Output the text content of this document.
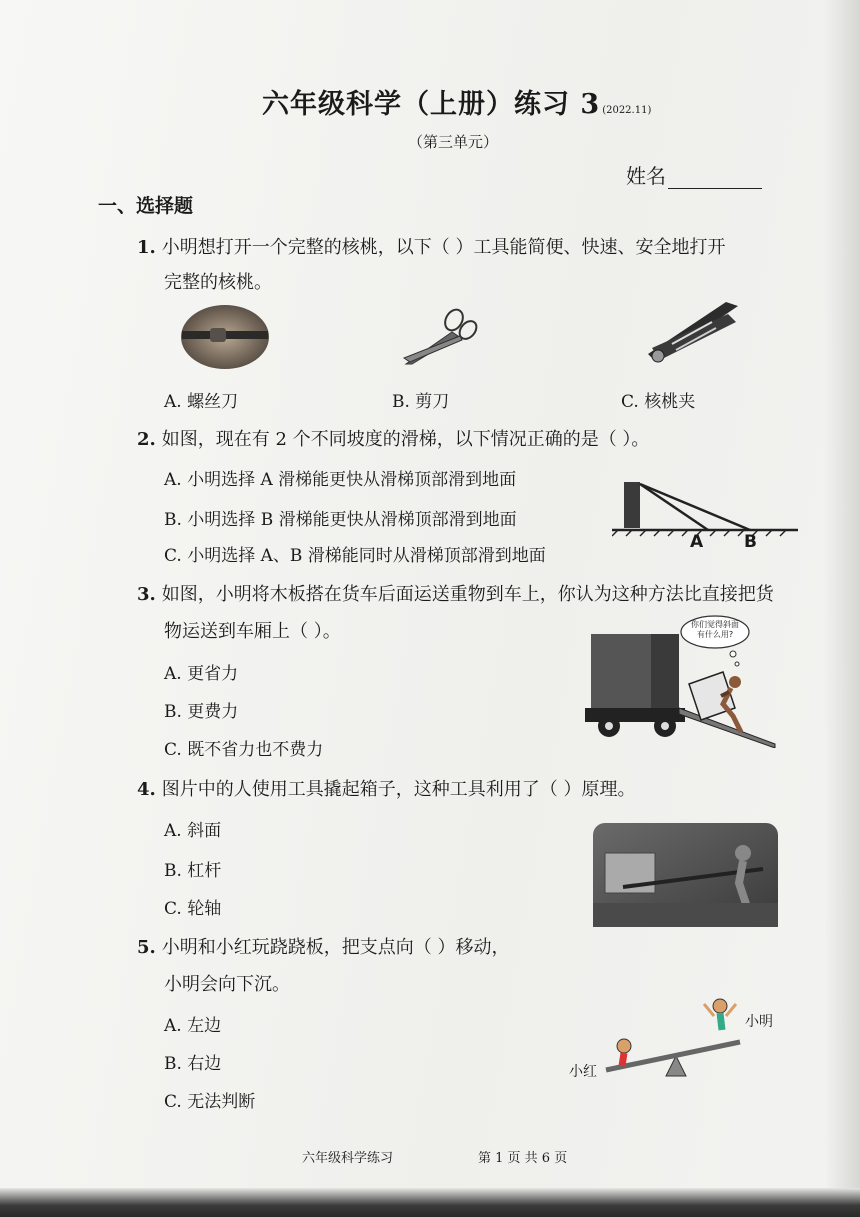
六年级科学（上册）练习 3 (2022.11)
（第三单元）
姓名
一、选择题
1. 小明想打开一个完整的核桃，以下（ ）工具能简便、快速、安全地打开
完整的核桃。
A. 螺丝刀	B. 剪刀	C. 核桃夹
2. 如图，现在有 2 个不同坡度的滑梯，以下情况正确的是（ ）。
A. 小明选择 A 滑梯能更快从滑梯顶部滑到地面
B. 小明选择 B 滑梯能更快从滑梯顶部滑到地面
C. 小明选择 A、B 滑梯能同时从滑梯顶部滑到地面
A B
3. 如图，小明将木板搭在货车后面运送重物到车上，你认为这种方法比直接把货
物运送到车厢上（ ）。
A. 更省力
B. 更费力
C. 既不省力也不费力
你们觉得斜面
有什么用?
4. 图片中的人使用工具撬起箱子，这种工具利用了（ ）原理。
A. 斜面
B. 杠杆
C. 轮轴
5. 小明和小红玩跷跷板，把支点向（ ）移动，
小明会向下沉。
A. 左边
B. 右边
C. 无法判断
小明
小红
六年级科学练习	第 1 页 共 6 页
